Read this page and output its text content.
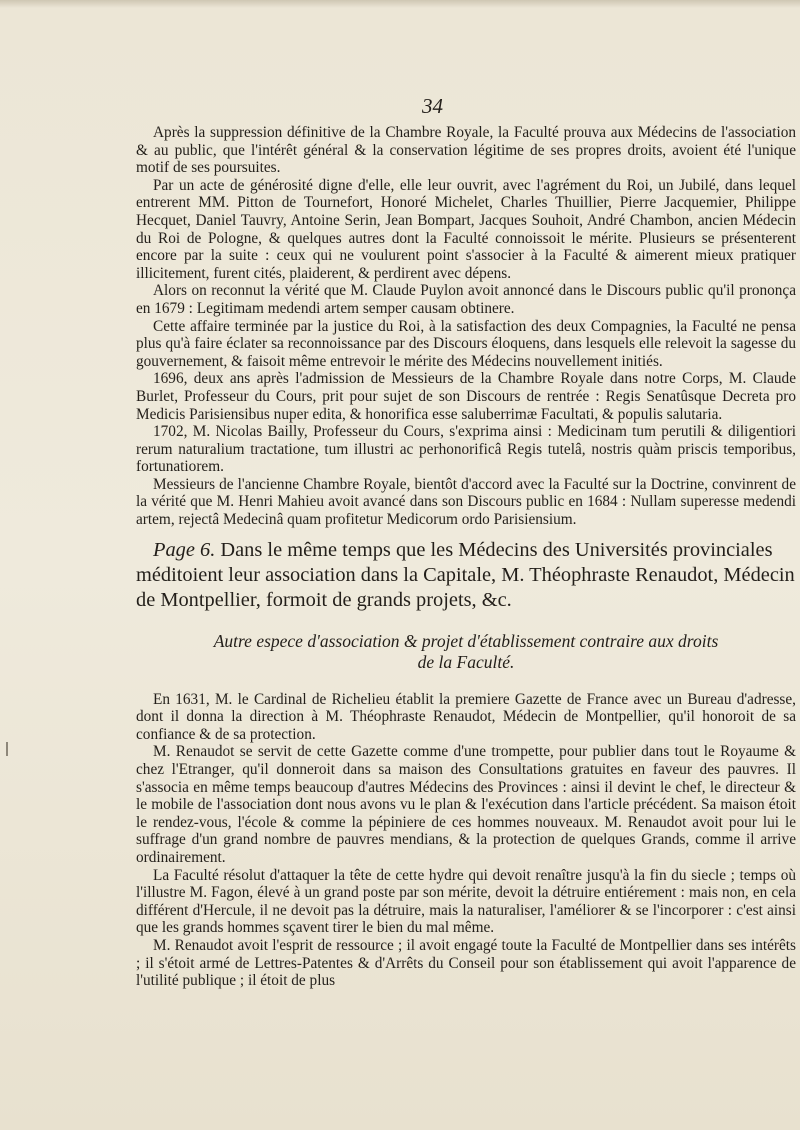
34

Après la suppression définitive de la Chambre Royale, la Faculté prouva aux Médecins de l'association & au public, que l'intérêt général & la conservation légitime de ses propres droits, avoient été l'unique motif de ses poursuites.

Par un acte de générosité digne d'elle, elle leur ouvrit, avec l'agrément du Roi, un Jubilé, dans lequel entrerent MM. Pitton de Tournefort, Honoré Michelet, Charles Thuillier, Pierre Jacquemier, Philippe Hecquet, Daniel Tauvry, Antoine Serin, Jean Bompart, Jacques Souhoit, André Chambon, ancien Médecin du Roi de Pologne, & quelques autres dont la Faculté connoissoit le mérite. Plusieurs se présenterent encore par la suite : ceux qui ne voulurent point s'associer à la Faculté & aimerent mieux pratiquer illicitement, furent cités, plaiderent, & perdirent avec dépens.

Alors on reconnut la vérité que M. Claude Puylon avoit annoncé dans le Discours public qu'il prononça en 1679 : Legitimam medendi artem semper causam obtinere.

Cette affaire terminée par la justice du Roi, à la satisfaction des deux Compagnies, la Faculté ne pensa plus qu'à faire éclater sa reconnoissance par des Discours éloquens, dans lesquels elle relevoit la sagesse du gouvernement, & faisoit même entrevoir le mérite des Médecins nouvellement initiés.

1696, deux ans après l'admission de Messieurs de la Chambre Royale dans notre Corps, M. Claude Burlet, Professeur du Cours, prit pour sujet de son Discours de rentrée : Regis Senatûsque Decreta pro Medicis Parisiensibus nuper edita, & honorifica esse saluberrimæ Facultati, & populis salutaria.

1702, M. Nicolas Bailly, Professeur du Cours, s'exprima ainsi : Medicinam tum perutili & diligentiori rerum naturalium tractatione, tum illustri ac perhonorificâ Regis tutelâ, nostris quàm priscis temporibus, fortunatiorem.

Messieurs de l'ancienne Chambre Royale, bientôt d'accord avec la Faculté sur la Doctrine, convinrent de la vérité que M. Henri Mahieu avoit avancé dans son Discours public en 1684 : Nullam superesse medendi artem, rejectâ Medecinâ quam profitetur Medicorum ordo Parisiensium.

Page 6. Dans le même temps que les Médecins des Universités provinciales méditoient leur association dans la Capitale, M. Théophraste Renaudot, Médecin de Montpellier, formoit de grands projets, &c.

Autre espece d'association & projet d'établissement contraire aux droits
de la Faculté.

En 1631, M. le Cardinal de Richelieu établit la premiere Gazette de France avec un Bureau d'adresse, dont il donna la direction à M. Théophraste Renaudot, Médecin de Montpellier, qu'il honoroit de sa confiance & de sa protection.

M. Renaudot se servit de cette Gazette comme d'une trompette, pour publier dans tout le Royaume & chez l'Etranger, qu'il donneroit dans sa maison des Consultations gratuites en faveur des pauvres. Il s'associa en même temps beaucoup d'autres Médecins des Provinces : ainsi il devint le chef, le directeur & le mobile de l'association dont nous avons vu le plan & l'exécution dans l'article précédent. Sa maison étoit le rendez-vous, l'école & comme la pépiniere de ces hommes nouveaux. M. Renaudot avoit pour lui le suffrage d'un grand nombre de pauvres mendians, & la protection de quelques Grands, comme il arrive ordinairement.

La Faculté résolut d'attaquer la tête de cette hydre qui devoit renaître jusqu'à la fin du siecle ; temps où l'illustre M. Fagon, élevé à un grand poste par son mérite, devoit la détruire entiérement : mais non, en cela différent d'Hercule, il ne devoit pas la détruire, mais la naturaliser, l'améliorer & se l'incorporer : c'est ainsi que les grands hommes sçavent tirer le bien du mal même.

M. Renaudot avoit l'esprit de ressource ; il avoit engagé toute la Faculté de Montpellier dans ses intérêts ; il s'étoit armé de Lettres-Patentes & d'Arrêts du Conseil pour son établissement qui avoit l'apparence de l'utilité publique ; il étoit de plus
